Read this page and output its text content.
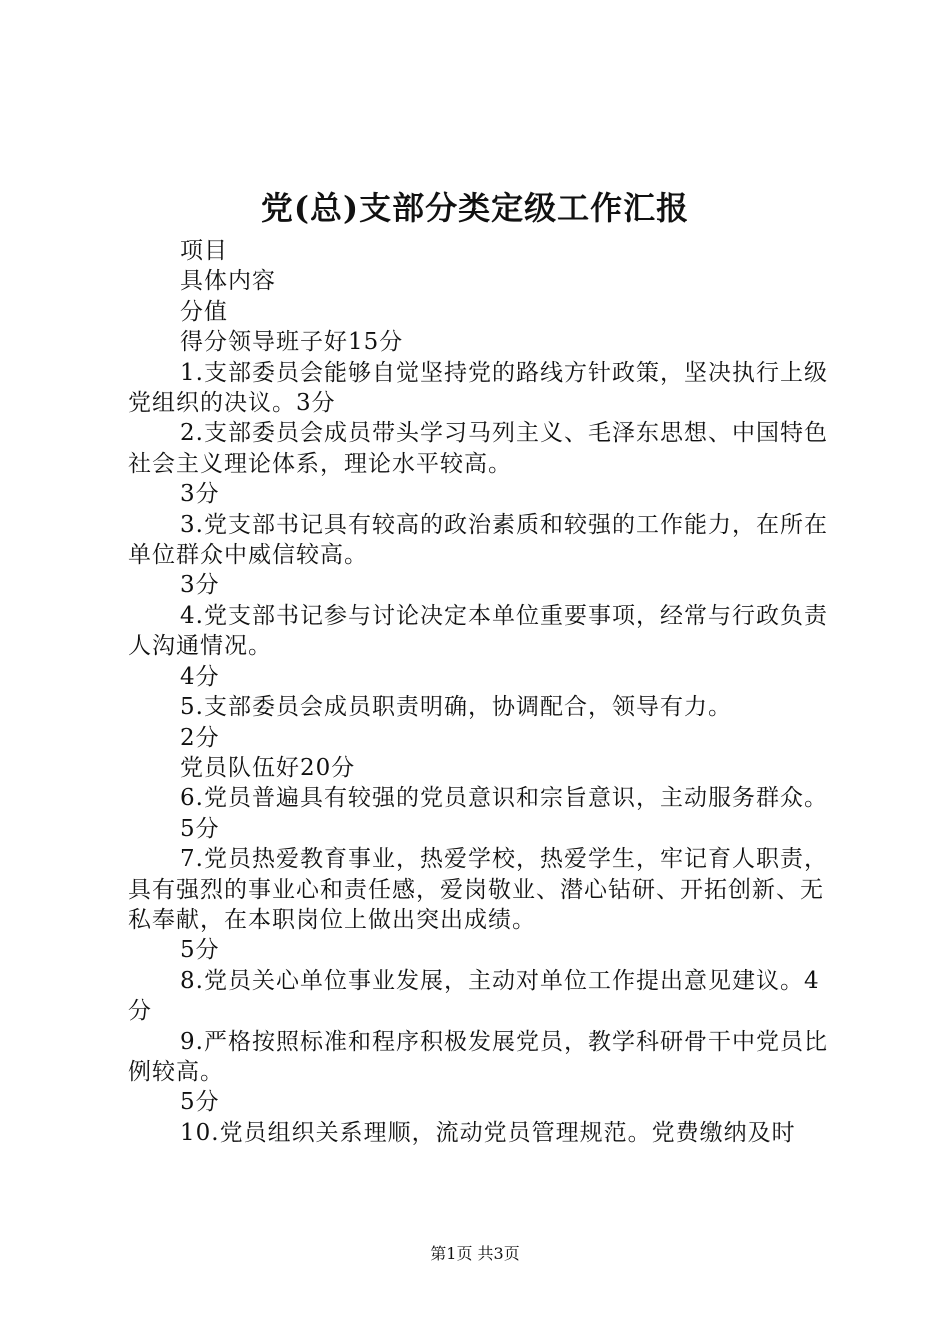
党(总)支部分类定级工作汇报

项目

具体内容

分值

得分领导班子好15分

1.支部委员会能够自觉坚持党的路线方针政策，坚决执行上级党组织的决议。3分

2.支部委员会成员带头学习马列主义、毛泽东思想、中国特色社会主义理论体系，理论水平较高。

3分

3.党支部书记具有较高的政治素质和较强的工作能力，在所在单位群众中威信较高。

3分

4.党支部书记参与讨论决定本单位重要事项，经常与行政负责人沟通情况。

4分

5.支部委员会成员职责明确，协调配合，领导有力。

2分

党员队伍好20分

6.党员普遍具有较强的党员意识和宗旨意识，主动服务群众。

5分

7.党员热爱教育事业，热爱学校，热爱学生，牢记育人职责，具有强烈的事业心和责任感，爱岗敬业、潜心钻研、开拓创新、无私奉献，在本职岗位上做出突出成绩。

5分

8.党员关心单位事业发展，主动对单位工作提出意见建议。4分

9.严格按照标准和程序积极发展党员，教学科研骨干中党员比例较高。

5分

10.党员组织关系理顺，流动党员管理规范。党费缴纳及时

第1页 共3页
